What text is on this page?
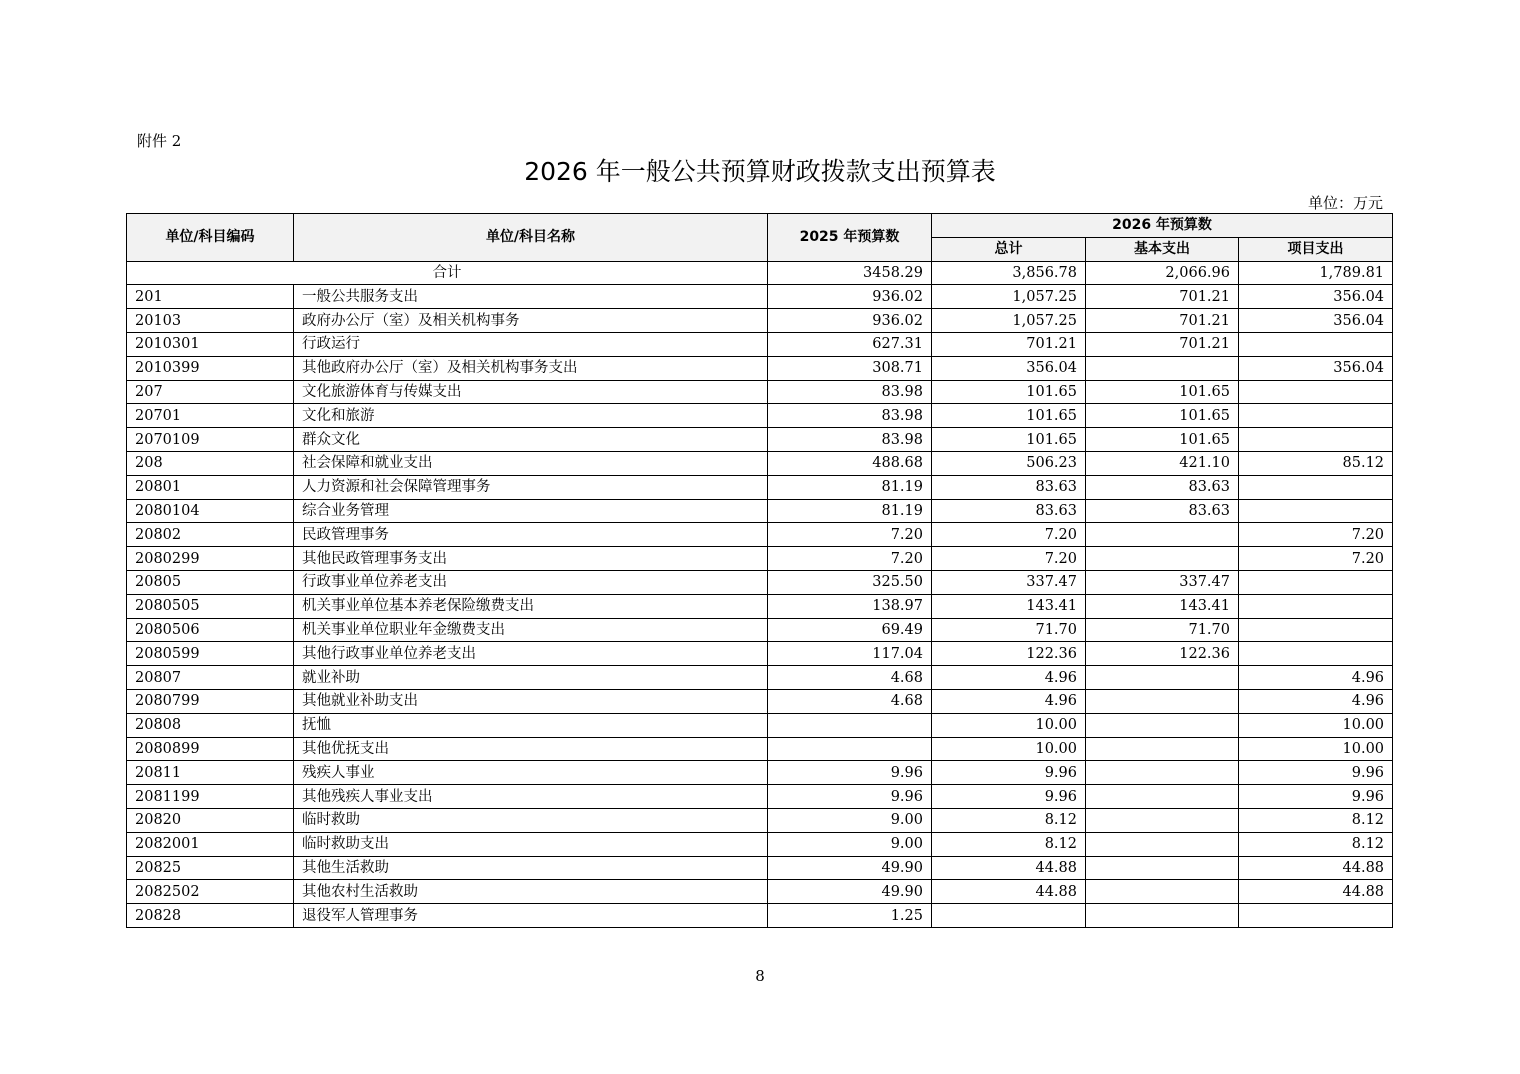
附件 2
2026 年一般公共预算财政拨款支出预算表
单位：万元
单位/科目编码	单位/科目名称	2025 年预算数	2026 年预算数		
			总计	基本支出	项目支出
合计		3458.29	3,856.78	2,066.96	1,789.81
201	一般公共服务支出	936.02	1,057.25	701.21	356.04
20103	政府办公厅（室）及相关机构事务	936.02	1,057.25	701.21	356.04
2010301	行政运行	627.31	701.21	701.21	
2010399	其他政府办公厅（室）及相关机构事务支出	308.71	356.04		356.04
207	文化旅游体育与传媒支出	83.98	101.65	101.65	
20701	文化和旅游	83.98	101.65	101.65	
2070109	群众文化	83.98	101.65	101.65	
208	社会保障和就业支出	488.68	506.23	421.10	85.12
20801	人力资源和社会保障管理事务	81.19	83.63	83.63	
2080104	综合业务管理	81.19	83.63	83.63	
20802	民政管理事务	7.20	7.20		7.20
2080299	其他民政管理事务支出	7.20	7.20		7.20
20805	行政事业单位养老支出	325.50	337.47	337.47	
2080505	机关事业单位基本养老保险缴费支出	138.97	143.41	143.41	
2080506	机关事业单位职业年金缴费支出	69.49	71.70	71.70	
2080599	其他行政事业单位养老支出	117.04	122.36	122.36	
20807	就业补助	4.68	4.96		4.96
2080799	其他就业补助支出	4.68	4.96		4.96
20808	抚恤		10.00		10.00
2080899	其他优抚支出		10.00		10.00
20811	残疾人事业	9.96	9.96		9.96
2081199	其他残疾人事业支出	9.96	9.96		9.96
20820	临时救助	9.00	8.12		8.12
2082001	临时救助支出	9.00	8.12		8.12
20825	其他生活救助	49.90	44.88		44.88
2082502	其他农村生活救助	49.90	44.88		44.88
20828	退役军人管理事务	1.25			
8
